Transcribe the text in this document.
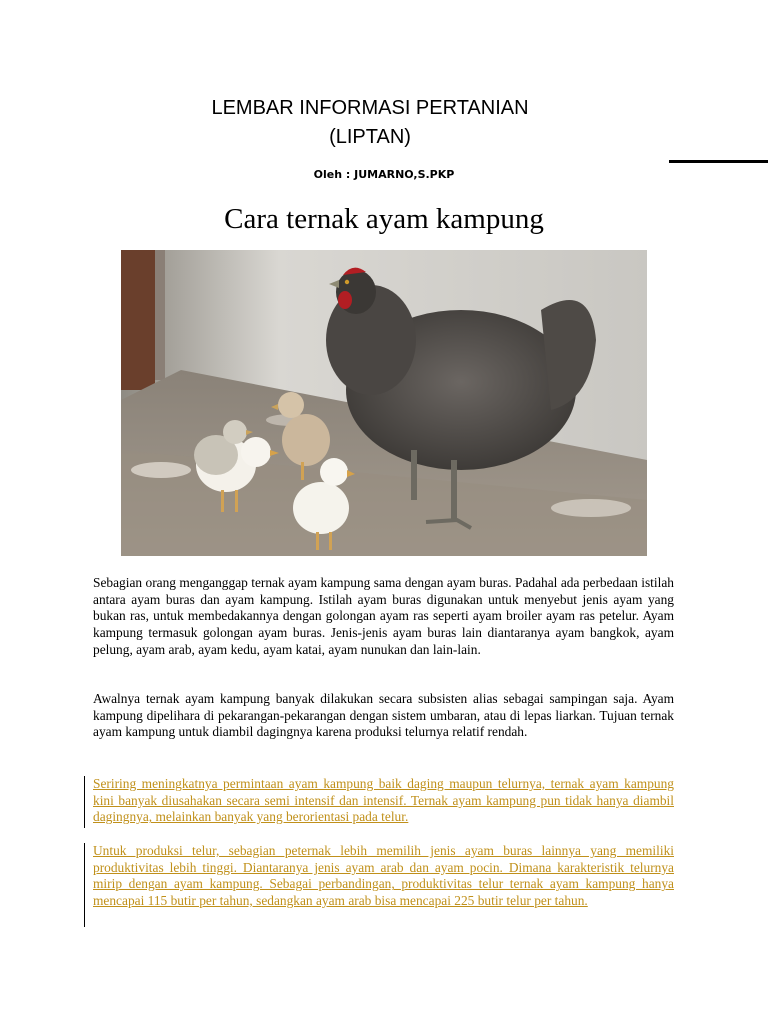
LEMBAR INFORMASI PERTANIAN
(LIPTAN)
Oleh : JUMARNO,S.PKP
Cara ternak ayam kampung

Sebagian orang menganggap ternak ayam kampung sama dengan ayam buras. Padahal ada perbedaan istilah antara ayam buras dan ayam kampung. Istilah ayam buras digunakan untuk menyebut jenis ayam yang bukan ras, untuk membedakannya dengan golongan ayam ras seperti ayam broiler ayam ras petelur. Ayam kampung termasuk golongan ayam buras. Jenis-jenis ayam buras lain diantaranya ayam bangkok, ayam pelung, ayam arab, ayam kedu, ayam katai, ayam nunukan dan lain-lain.

Awalnya ternak ayam kampung banyak dilakukan secara subsisten alias sebagai sampingan saja. Ayam kampung dipelihara di pekarangan-pekarangan dengan sistem umbaran, atau di lepas liarkan. Tujuan ternak ayam kampung untuk diambil dagingnya karena produksi telurnya relatif rendah.

Seriring meningkatnya permintaan ayam kampung baik daging maupun telurnya, ternak ayam kampung kini banyak diusahakan secara semi intensif dan intensif. Ternak ayam kampung pun tidak hanya diambil dagingnya, melainkan banyak yang berorientasi pada telur.

Untuk produksi telur, sebagian peternak lebih memilih jenis ayam buras lainnya yang memiliki produktivitas lebih tinggi. Diantaranya jenis ayam arab dan ayam pocin. Dimana karakteristik telurnya mirip dengan ayam kampung. Sebagai perbandingan, produktivitas telur ternak ayam kampung hanya mencapai 115 butir per tahun, sedangkan ayam arab bisa mencapai 225 butir telur per tahun.
